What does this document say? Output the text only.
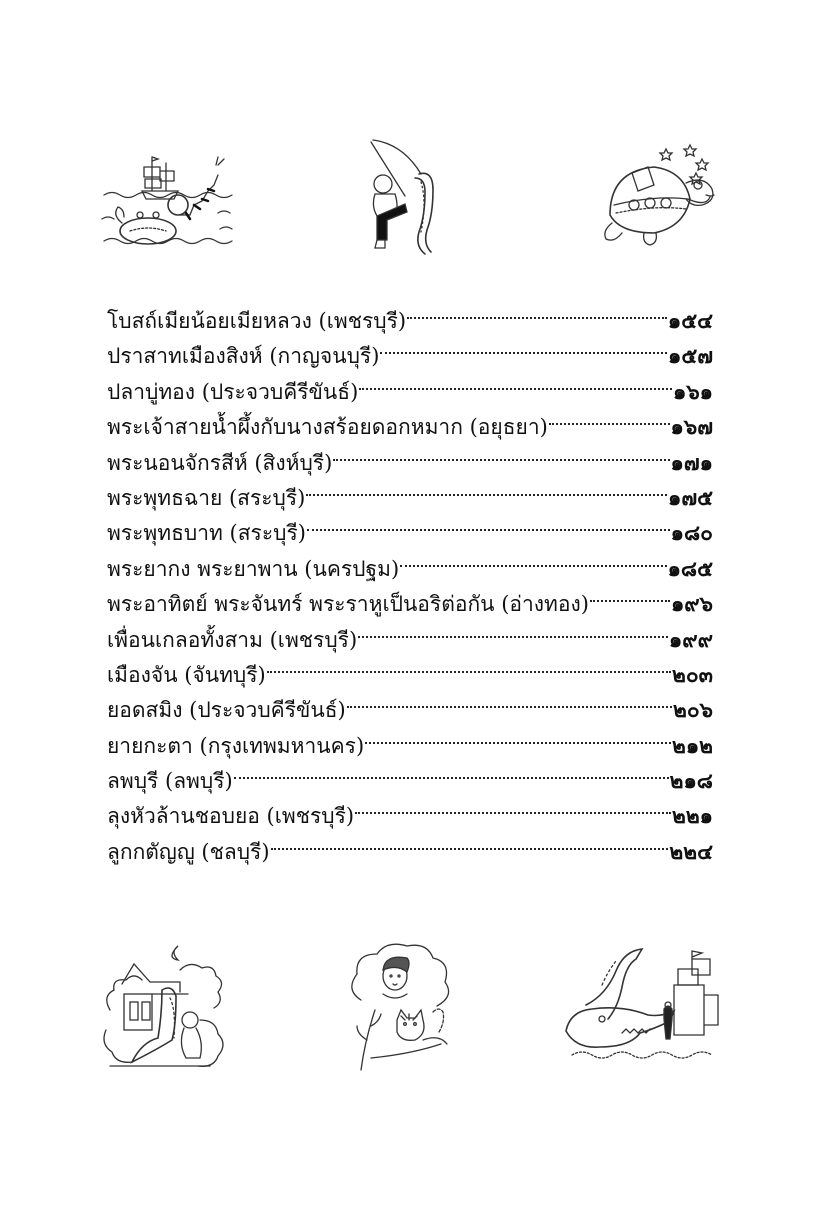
โบสถ์เมียน้อยเมียหลวง (เพชรบุรี)	๑๕๔
ปราสาทเมืองสิงห์ (กาญจนบุรี)	๑๕๗
ปลาบู่ทอง (ประจวบคีรีขันธ์)	๑๖๑
พระเจ้าสายน้ำผึ้งกับนางสร้อยดอกหมาก (อยุธยา)	๑๖๗
พระนอนจักรสีห์ (สิงห์บุรี)	๑๗๑
พระพุทธฉาย (สระบุรี)	๑๗๕
พระพุทธบาท (สระบุรี)	๑๘๐
พระยากง พระยาพาน (นครปฐม)	๑๘๕
พระอาทิตย์ พระจันทร์ พระราหูเป็นอริต่อกัน (อ่างทอง)	๑๙๖
เพื่อนเกลอทั้งสาม (เพชรบุรี)	๑๙๙
เมืองจัน (จันทบุรี)	๒๐๓
ยอดสมิง (ประจวบคีรีขันธ์)	๒๐๖
ยายกะตา (กรุงเทพมหานคร)	๒๑๒
ลพบุรี (ลพบุรี)	๒๑๘
ลุงหัวล้านชอบยอ (เพชรบุรี)	๒๒๑
ลูกกตัญญู (ชลบุรี)	๒๒๔
